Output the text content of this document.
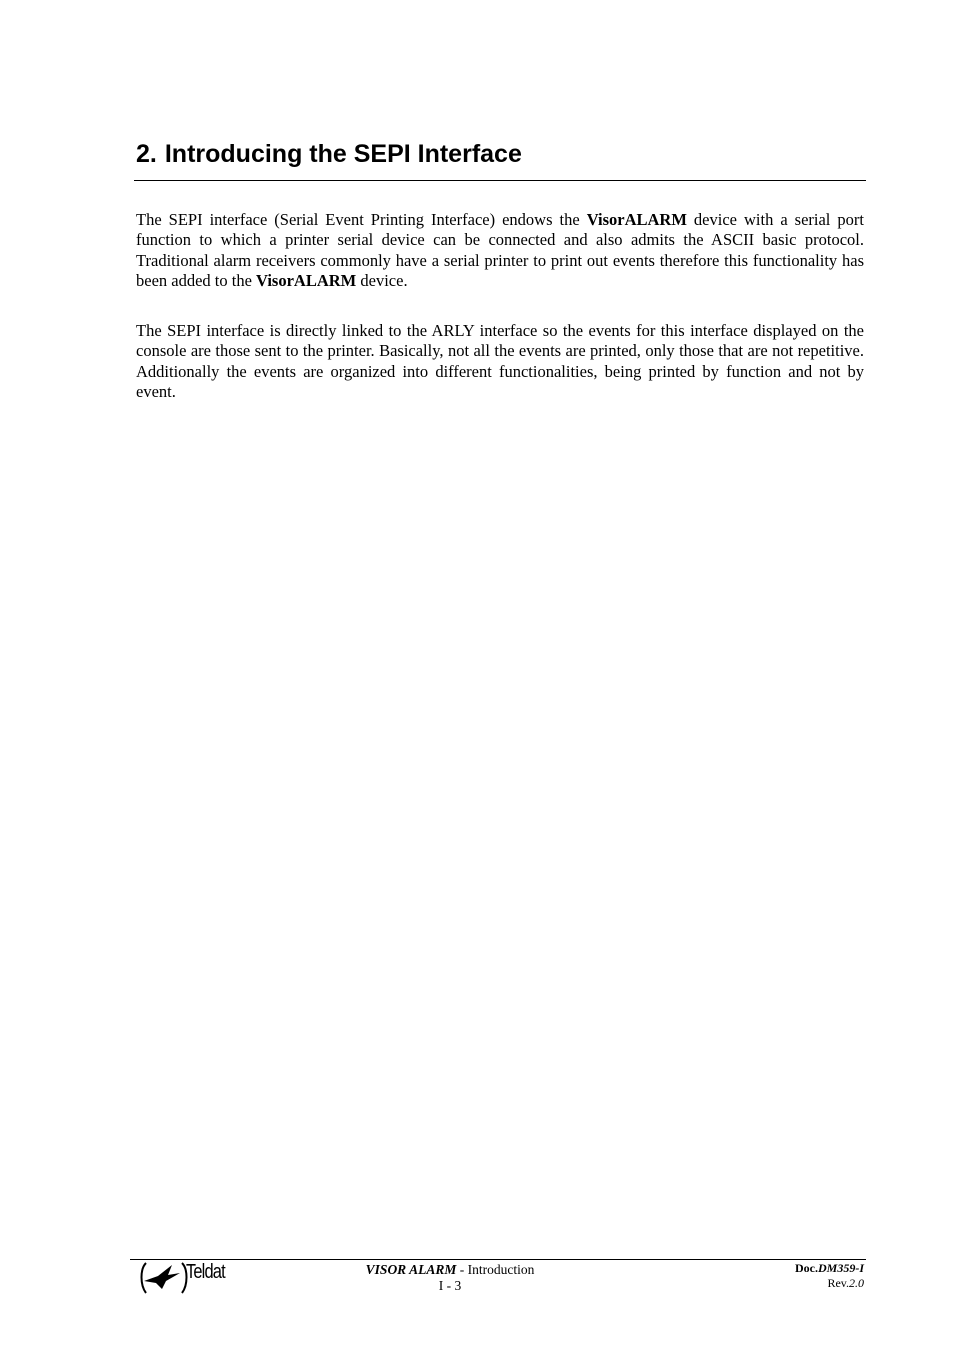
2. Introducing the SEPI Interface

The SEPI interface (Serial Event Printing Interface) endows the VisorALARM device with a serial port function to which a printer serial device can be connected and also admits the ASCII basic protocol. Traditional alarm receivers commonly have a serial printer to print out events therefore this functionality has been added to the VisorALARM device.

The SEPI interface is directly linked to the ARLY interface so the events for this interface displayed on the console are those sent to the printer. Basically, not all the events are printed, only those that are not repetitive. Additionally the events are organized into different functionalities, being printed by function and not by event.

Teldat	VISOR ALARM - Introduction
I - 3
Doc.DM359-I
Rev.2.0
